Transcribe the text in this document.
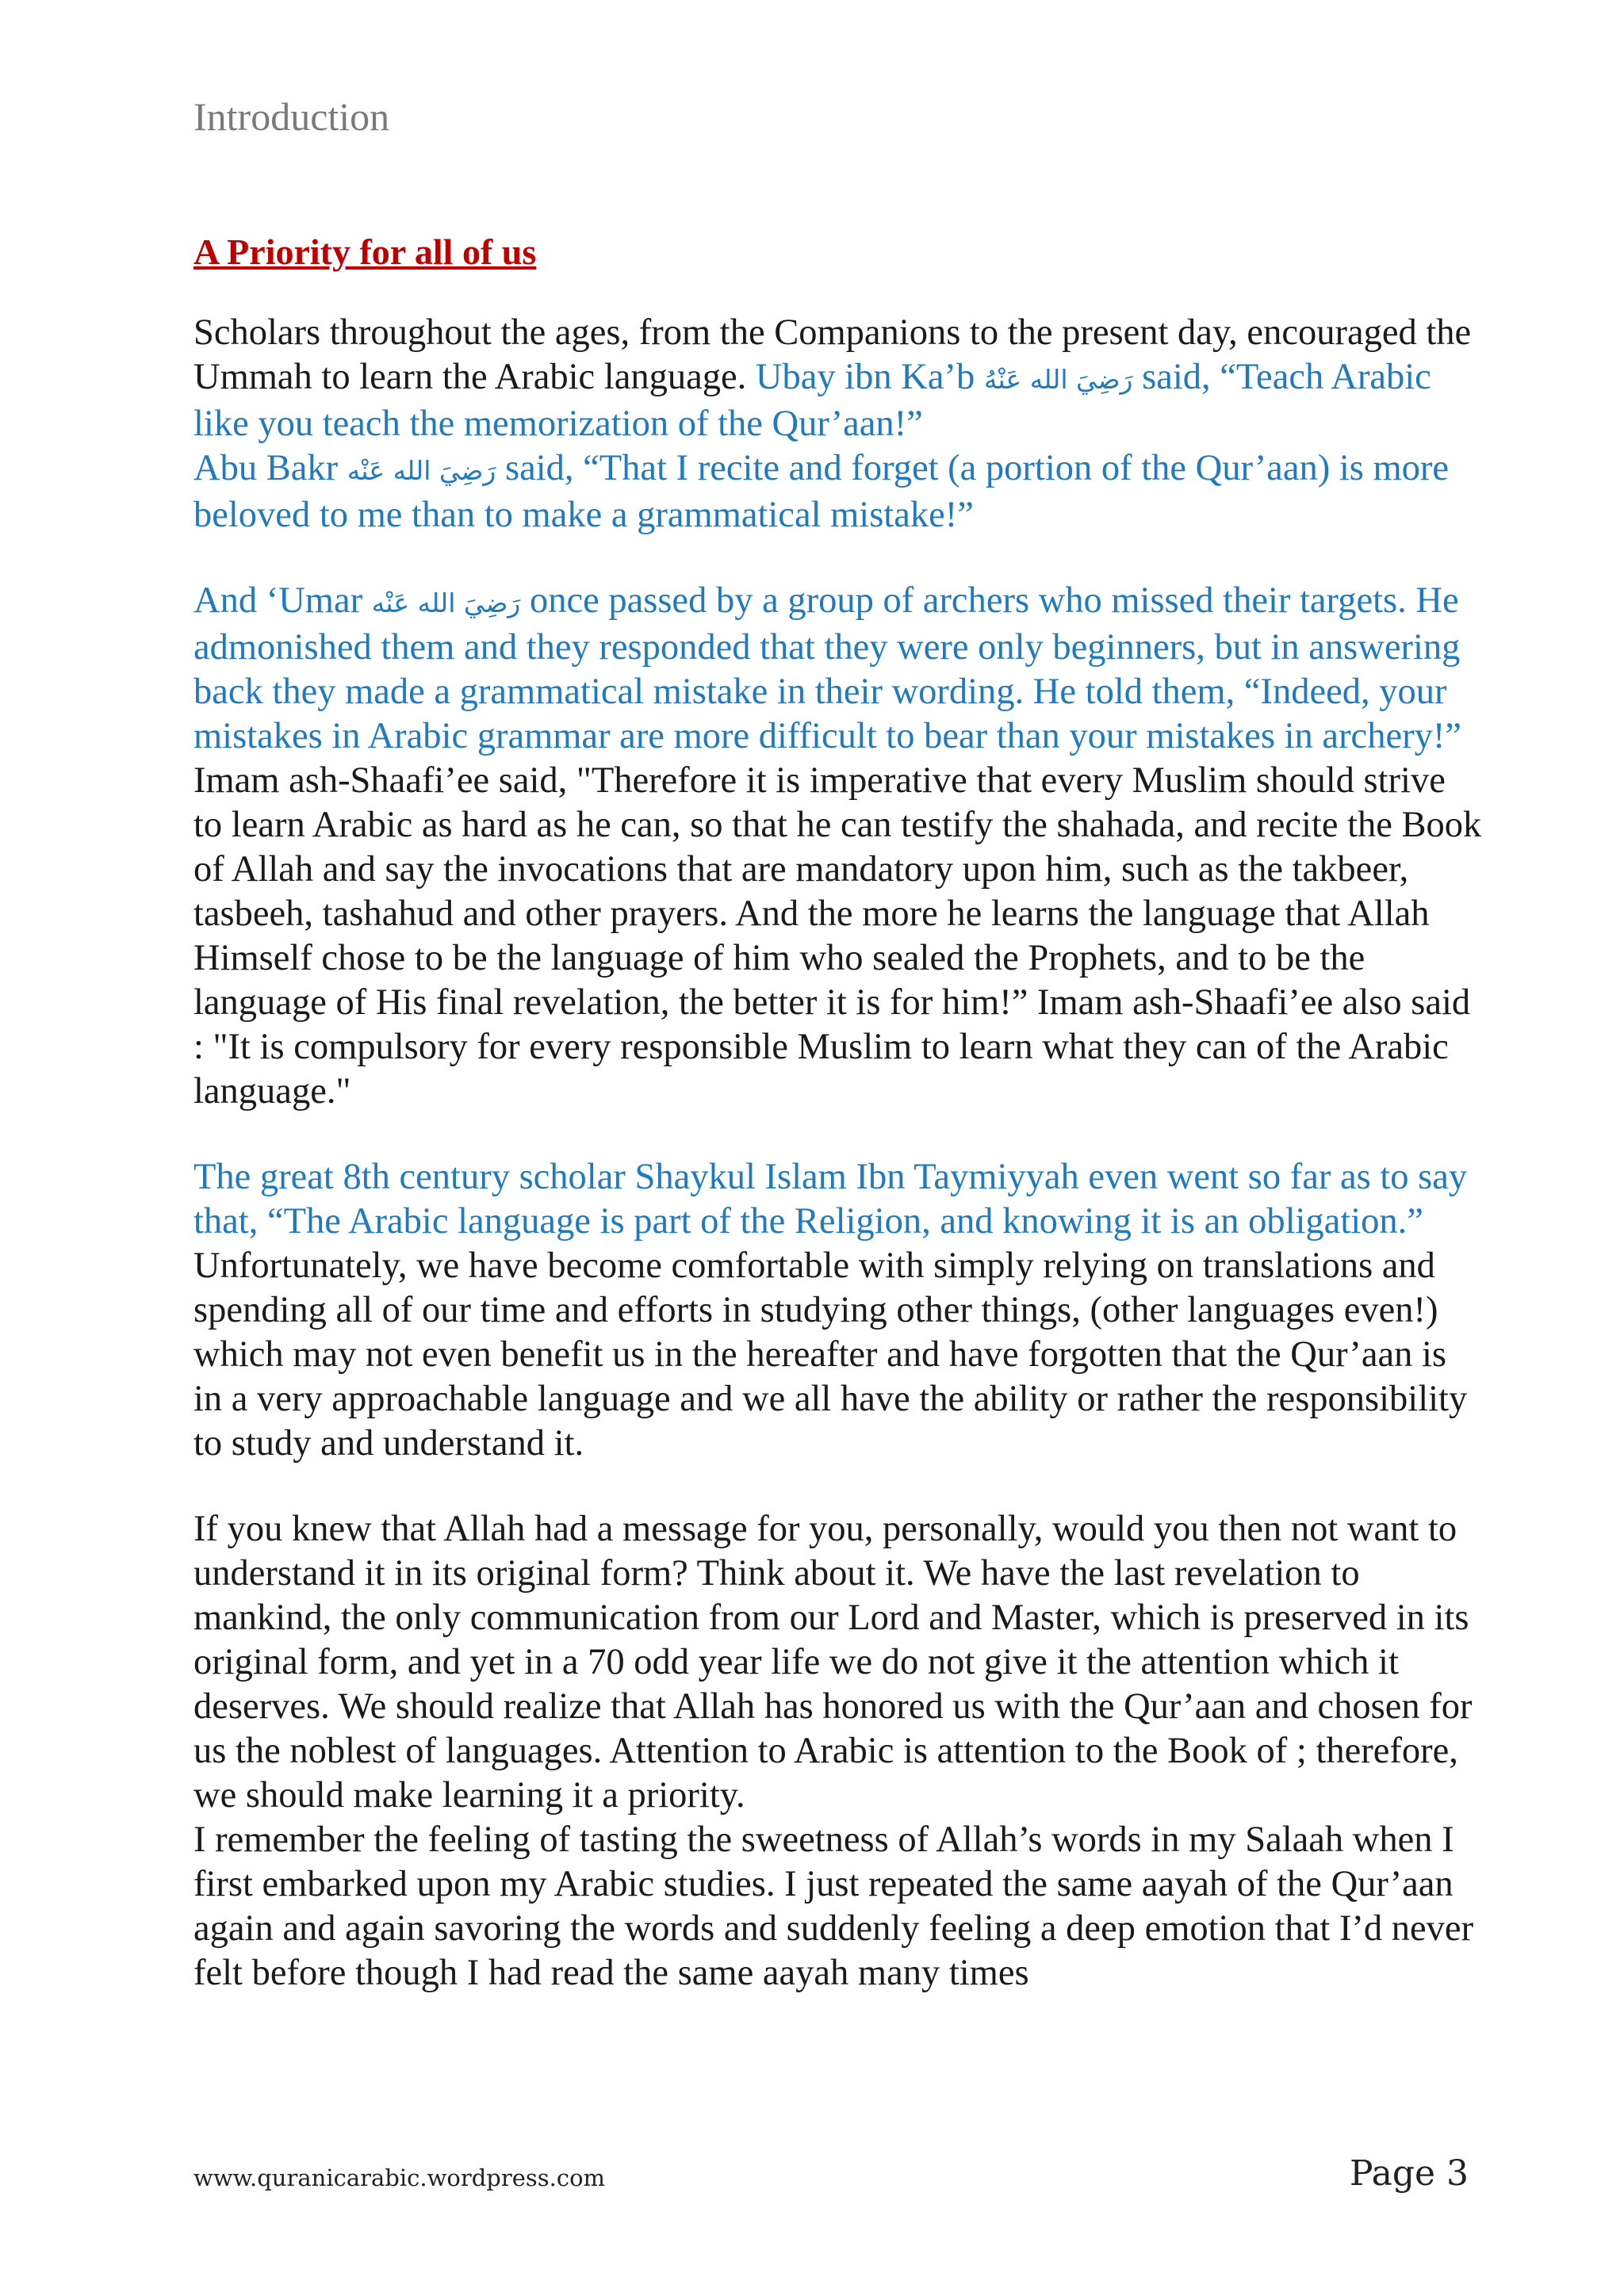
Introduction
A Priority for all of us

Scholars throughout the ages, from the Companions to the present day, encouraged the Ummah to learn the Arabic language. Ubay ibn Ka’b رَضِيَ الله عَنْهُ said, “Teach Arabic like you teach the memorization of the Qur’aan!”

Abu Bakr رَضِيَ الله عَنْه said, “That I recite and forget (a portion of the Qur’aan) is more beloved to me than to make a grammatical mistake!”

And ‘Umar رَضِيَ الله عَنْه once passed by a group of archers who missed their targets. He admonished them and they responded that they were only beginners, but in answering back they made a grammatical mistake in their wording. He told them, “Indeed, your mistakes in Arabic grammar are more difficult to bear than your mistakes in archery!”

Imam ash-Shaafi’ee said, "Therefore it is imperative that every Muslim should strive to learn Arabic as hard as he can, so that he can testify the shahada, and recite the Book of Allah and say the invocations that are mandatory upon him, such as the takbeer, tasbeeh, tashahud and other prayers. And the more he learns the language that Allah Himself chose to be the language of him who sealed the Prophets, and to be the language of His final revelation, the better it is for him!” Imam ash-Shaafi’ee also said : "It is compulsory for every responsible Muslim to learn what they can of the Arabic language."

The great 8th century scholar Shaykul Islam Ibn Taymiyyah even went so far as to say that, “The Arabic language is part of the Religion, and knowing it is an obligation.”

Unfortunately, we have become comfortable with simply relying on translations and spending all of our time and efforts in studying other things, (other languages even!) which may not even benefit us in the hereafter and have forgotten that the Qur’aan is in a very approachable language and we all have the ability or rather the responsibility to study and understand it.

If you knew that Allah had a message for you, personally, would you then not want to understand it in its original form? Think about it. We have the last revelation to mankind, the only communication from our Lord and Master, which is preserved in its original form, and yet in a 70 odd year life we do not give it the attention which it deserves. We should realize that Allah has honored us with the Qur’aan and chosen for us the noblest of languages. Attention to Arabic is attention to the Book of ; therefore, we should make learning it a priority.

I remember the feeling of tasting the sweetness of Allah’s words in my Salaah when I first embarked upon my Arabic studies. I just repeated the same aayah of the Qur’aan again and again savoring the words and suddenly feeling a deep emotion that I’d never felt before though I had read the same aayah many times

www.quranicarabic.wordpress.com	Page 3
